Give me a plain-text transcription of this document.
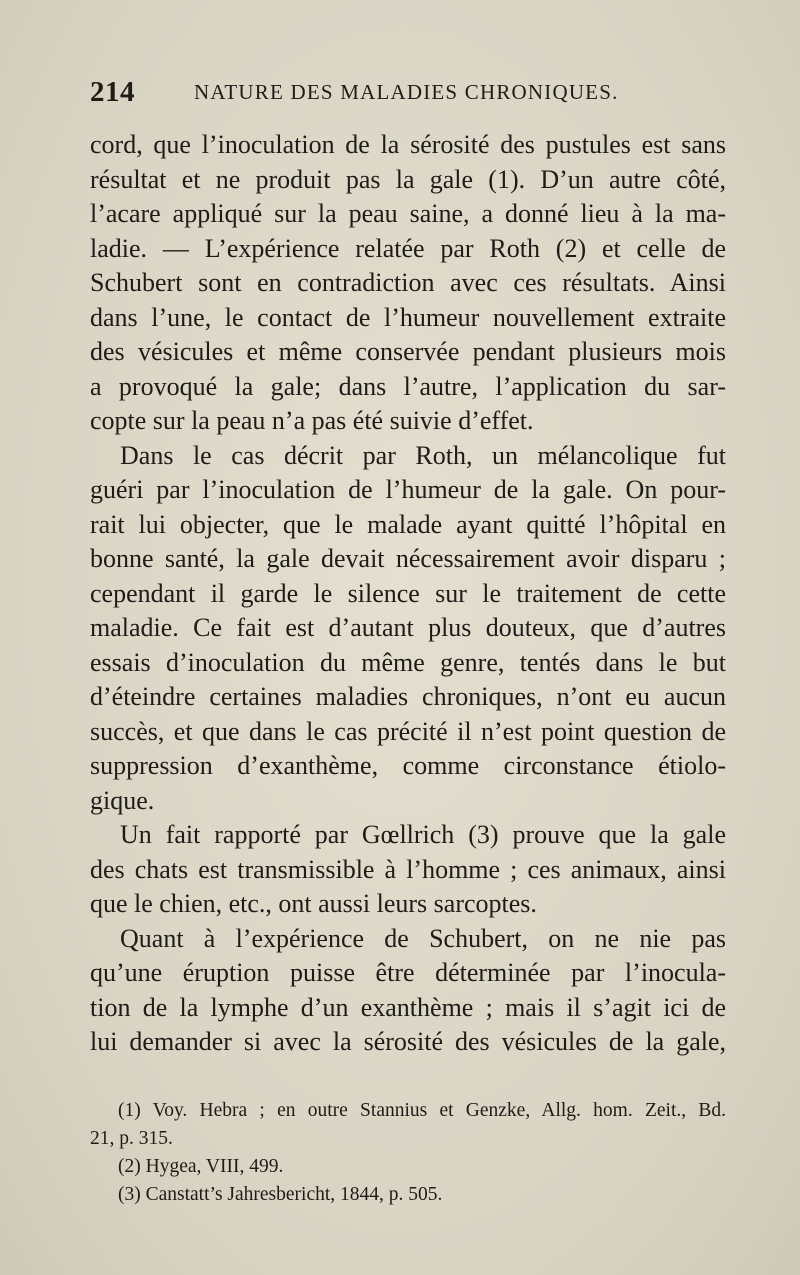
214	NATURE DES MALADIES CHRONIQUES.
cord, que l’inoculation de la sérosité des pustules est sans
résultat et ne produit pas la gale (1). D’un autre côté,
l’acare appliqué sur la peau saine, a donné lieu à la ma-
ladie. — L’expérience relatée par Roth (2) et celle de
Schubert sont en contradiction avec ces résultats. Ainsi
dans l’une, le contact de l’humeur nouvellement extraite
des vésicules et même conservée pendant plusieurs mois
a provoqué la gale; dans l’autre, l’application du sar-
copte sur la peau n’a pas été suivie d’effet.
Dans le cas décrit par Roth, un mélancolique fut
guéri par l’inoculation de l’humeur de la gale. On pour-
rait lui objecter, que le malade ayant quitté l’hôpital en
bonne santé, la gale devait nécessairement avoir disparu ;
cependant il garde le silence sur le traitement de cette
maladie. Ce fait est d’autant plus douteux, que d’autres
essais d’inoculation du même genre, tentés dans le but
d’éteindre certaines maladies chroniques, n’ont eu aucun
succès, et que dans le cas précité il n’est point question de
suppression d’exanthème, comme circonstance étiolo-
gique.
Un fait rapporté par Gœllrich (3) prouve que la gale
des chats est transmissible à l’homme ; ces animaux, ainsi
que le chien, etc., ont aussi leurs sarcoptes.
Quant à l’expérience de Schubert, on ne nie pas
qu’une éruption puisse être déterminée par l’inocula-
tion de la lymphe d’un exanthème ; mais il s’agit ici de
lui demander si avec la sérosité des vésicules de la gale,
(1) Voy. Hebra ; en outre Stannius et Genzke, Allg. hom. Zeit., Bd.
21, p. 315.
(2) Hygea, VIII, 499.
(3) Canstatt’s Jahresbericht, 1844, p. 505.
